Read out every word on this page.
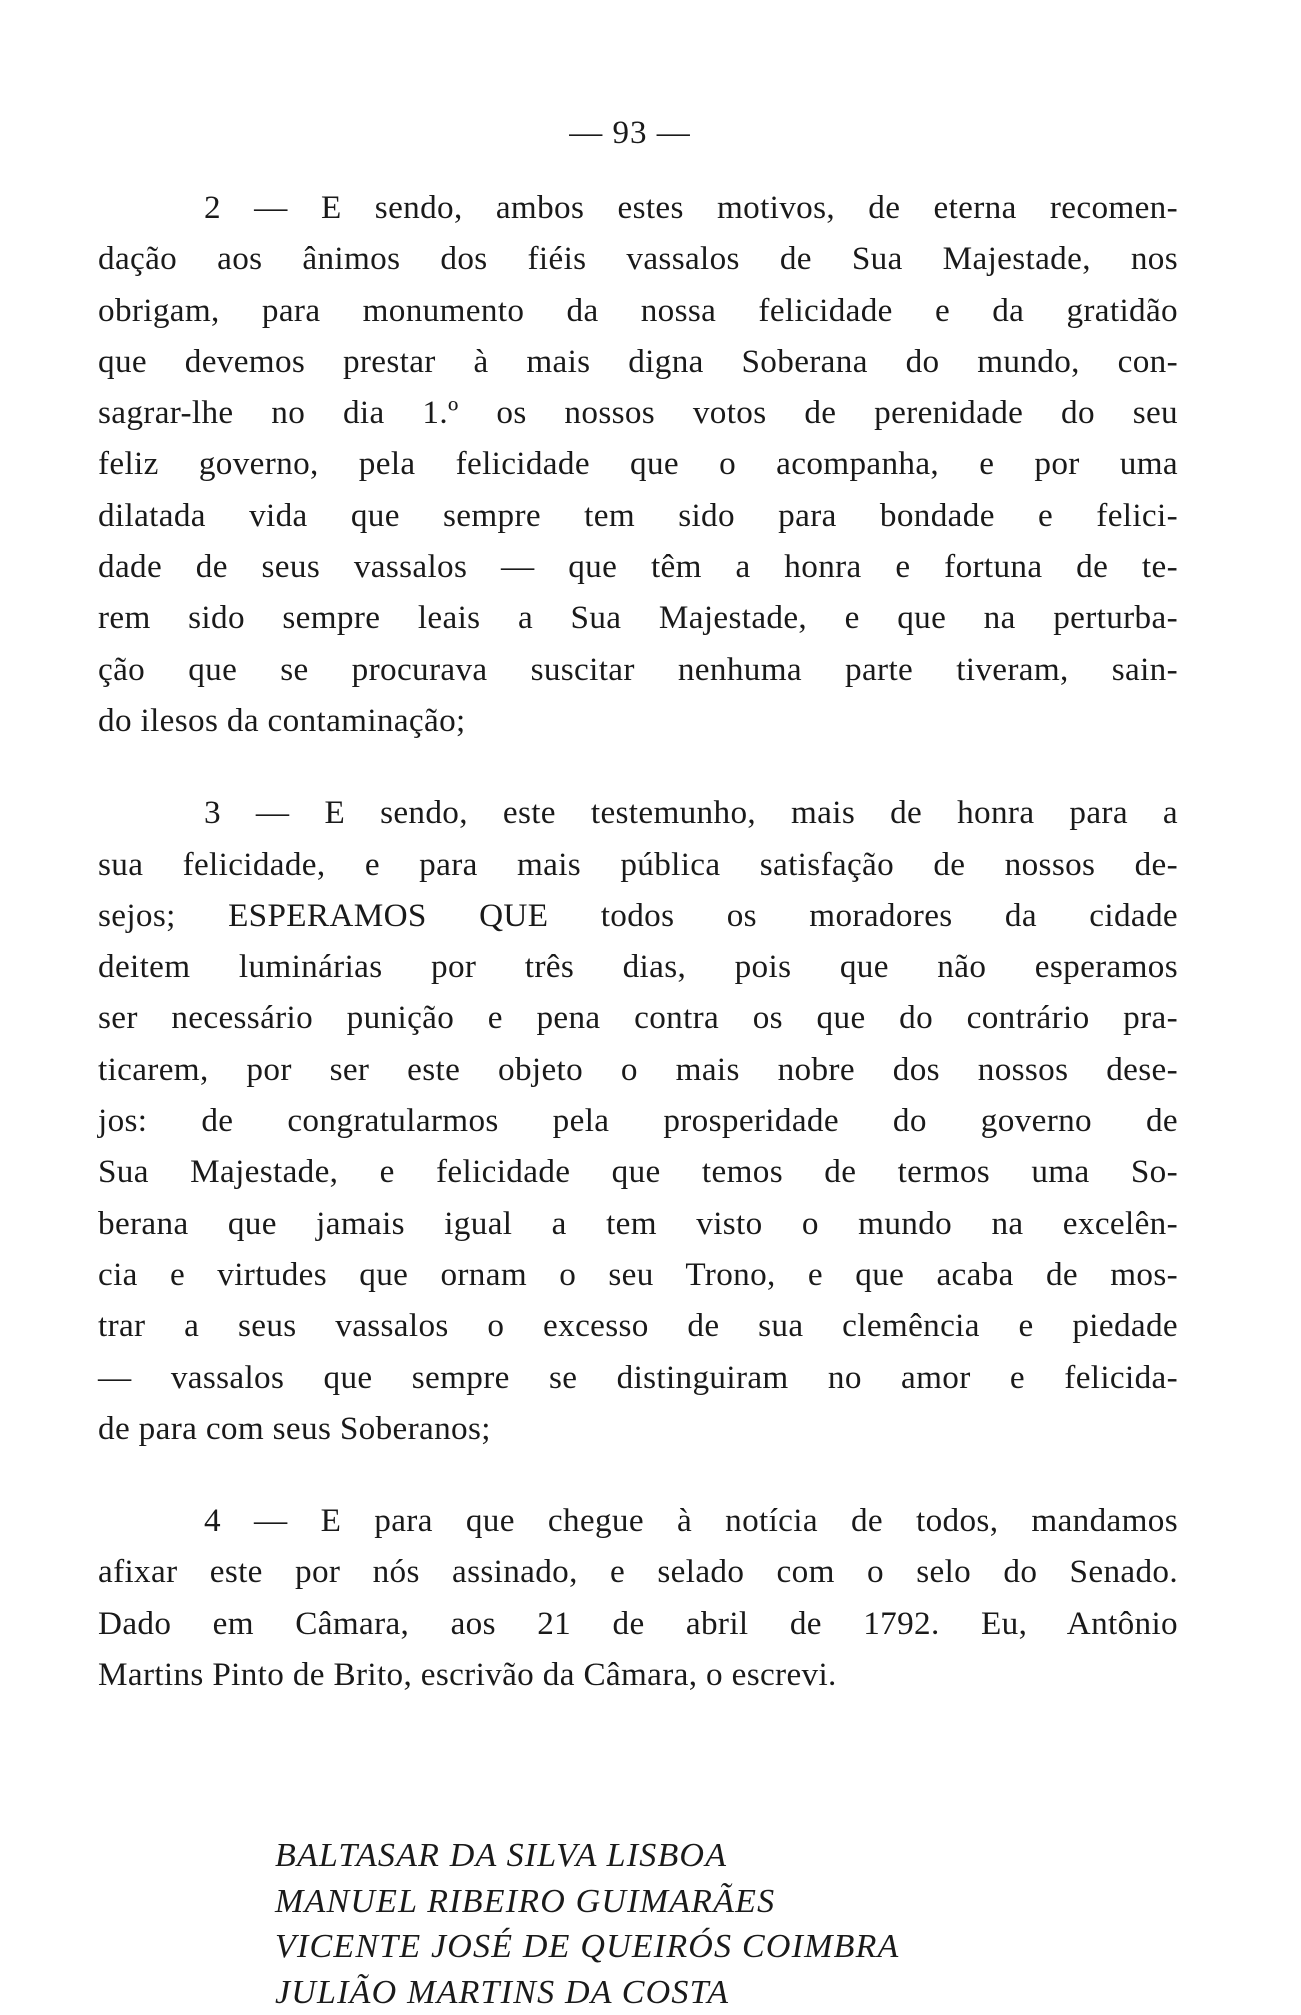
— 93 —
2 — E sendo, ambos estes motivos, de eterna recomen-
dação aos ânimos dos fiéis vassalos de Sua Majestade, nos
obrigam, para monumento da nossa felicidade e da gratidão
que devemos prestar à mais digna Soberana do mundo, con-
sagrar-lhe no dia 1.º os nossos votos de perenidade do seu
feliz governo, pela felicidade que o acompanha, e por uma
dilatada vida que sempre tem sido para bondade e felici-
dade de seus vassalos — que têm a honra e fortuna de te-
rem sido sempre leais a Sua Majestade, e que na perturba-
ção que se procurava suscitar nenhuma parte tiveram, sain-
do ilesos da contaminação;
3 — E sendo, este testemunho, mais de honra para a
sua felicidade, e para mais pública satisfação de nossos de-
sejos; ESPERAMOS QUE todos os moradores da cidade
deitem luminárias por três dias, pois que não esperamos
ser necessário punição e pena contra os que do contrário pra-
ticarem, por ser este objeto o mais nobre dos nossos dese-
jos: de congratularmos pela prosperidade do governo de
Sua Majestade, e felicidade que temos de termos uma So-
berana que jamais igual a tem visto o mundo na excelên-
cia e virtudes que ornam o seu Trono, e que acaba de mos-
trar a seus vassalos o excesso de sua clemência e piedade
— vassalos que sempre se distinguiram no amor e felicida-
de para com seus Soberanos;
4 — E para que chegue à notícia de todos, mandamos
afixar este por nós assinado, e selado com o selo do Senado.
Dado em Câmara, aos 21 de abril de 1792. Eu, Antônio
Martins Pinto de Brito, escrivão da Câmara, o escrevi.
BALTASAR DA SILVA LISBOA
MANUEL RIBEIRO GUIMARÃES
VICENTE JOSÉ DE QUEIRÓS COIMBRA
JULIÃO MARTINS DA COSTA
